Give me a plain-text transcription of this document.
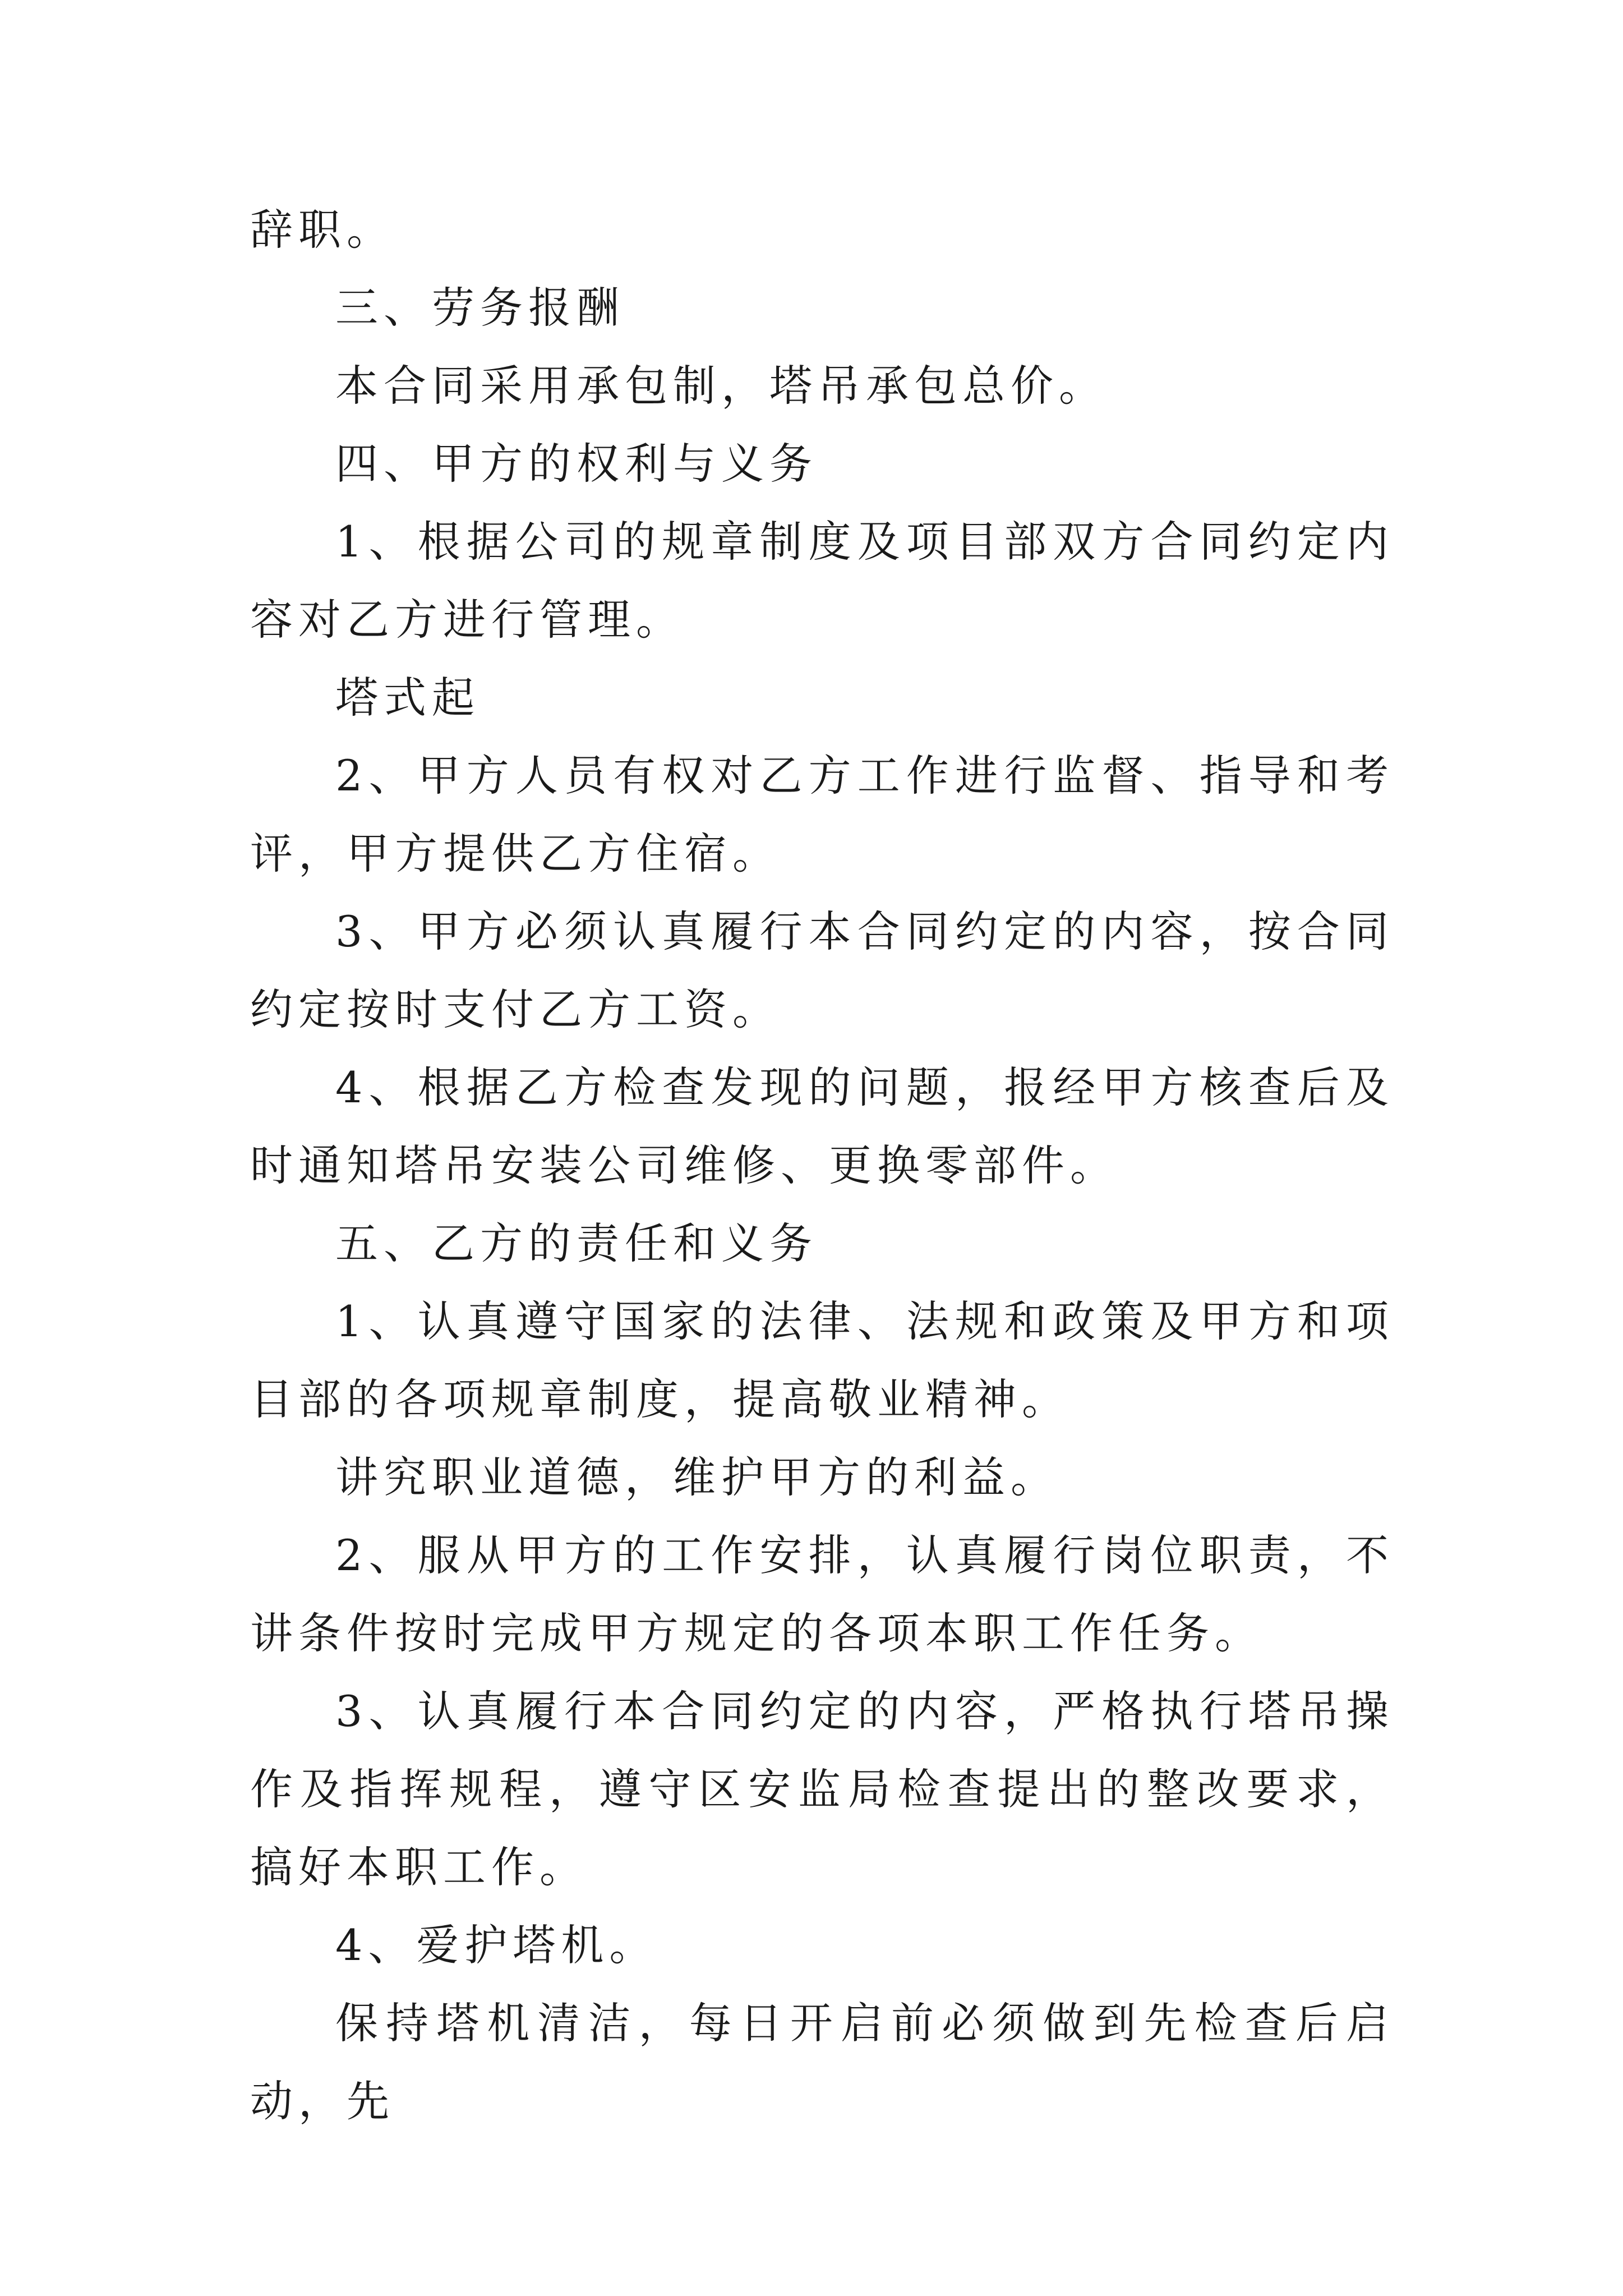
辞职。

三、劳务报酬

本合同采用承包制，塔吊承包总价。

四、甲方的权利与义务

1、根据公司的规章制度及项目部双方合同约定内容对乙方进行管理。

塔式起

2、甲方人员有权对乙方工作进行监督、指导和考评，甲方提供乙方住宿。

3、甲方必须认真履行本合同约定的内容，按合同约定按时支付乙方工资。

4、根据乙方检查发现的问题，报经甲方核查后及时通知塔吊安装公司维修、更换零部件。

五、乙方的责任和义务

1、认真遵守国家的法律、法规和政策及甲方和项目部的各项规章制度，提高敬业精神。

讲究职业道德，维护甲方的利益。

2、服从甲方的工作安排，认真履行岗位职责，不讲条件按时完成甲方规定的各项本职工作任务。

3、认真履行本合同约定的内容，严格执行塔吊操作及指挥规程，遵守区安监局检查提出的整改要求，搞好本职工作。

4、爱护塔机。

保持塔机清洁，每日开启前必须做到先检查后启动，先
